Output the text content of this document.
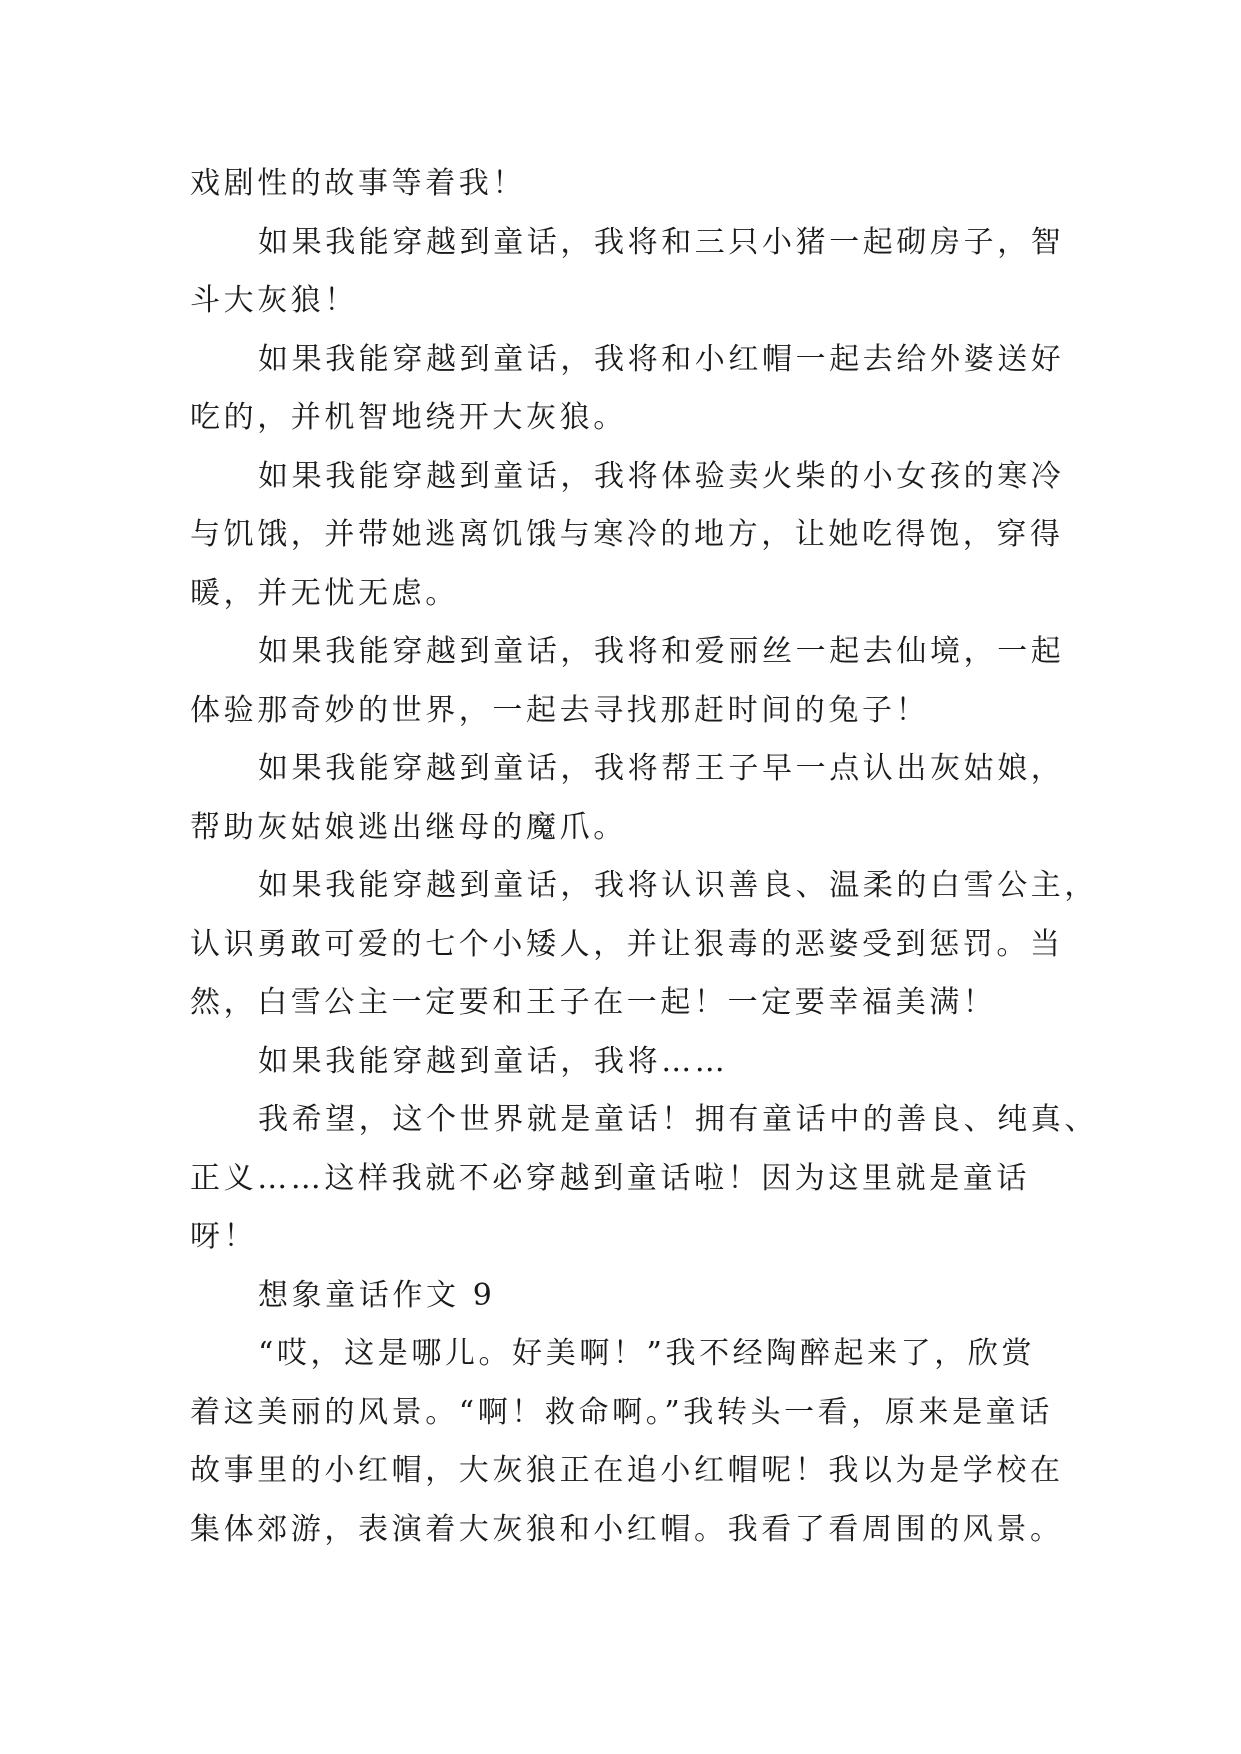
戏剧性的故事等着我！
如果我能穿越到童话，我将和三只小猪一起砌房子，智
斗大灰狼！
如果我能穿越到童话，我将和小红帽一起去给外婆送好
吃的，并机智地绕开大灰狼。
如果我能穿越到童话，我将体验卖火柴的小女孩的寒冷
与饥饿，并带她逃离饥饿与寒冷的地方，让她吃得饱，穿得
暖，并无忧无虑。
如果我能穿越到童话，我将和爱丽丝一起去仙境，一起
体验那奇妙的世界，一起去寻找那赶时间的兔子！
如果我能穿越到童话，我将帮王子早一点认出灰姑娘，
帮助灰姑娘逃出继母的魔爪。
如果我能穿越到童话，我将认识善良、温柔的白雪公主，
认识勇敢可爱的七个小矮人，并让狠毒的恶婆受到惩罚。当
然，白雪公主一定要和王子在一起！一定要幸福美满！
如果我能穿越到童话，我将……
我希望，这个世界就是童话！拥有童话中的善良、纯真、
正义……这样我就不必穿越到童话啦！因为这里就是童话
呀！
想象童话作文 9
“哎，这是哪儿。好美啊！”我不经陶醉起来了，欣赏
着这美丽的风景。“啊！救命啊。”我转头一看，原来是童话
故事里的小红帽，大灰狼正在追小红帽呢！我以为是学校在
集体郊游，表演着大灰狼和小红帽。我看了看周围的风景。
